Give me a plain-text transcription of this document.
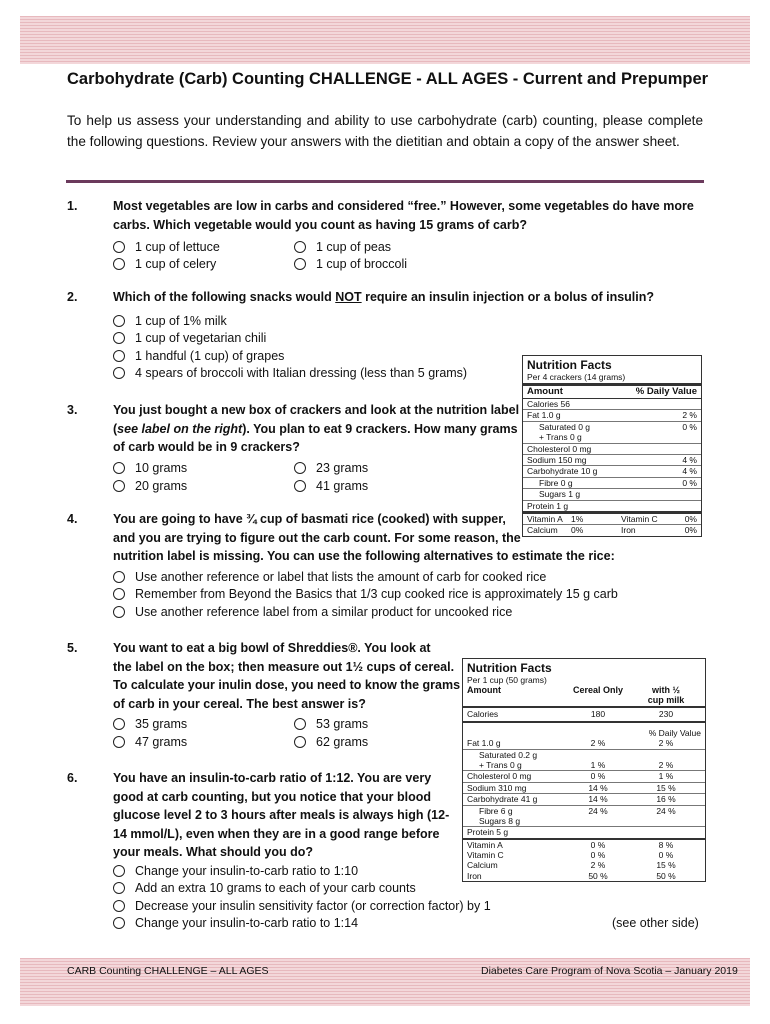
Carbohydrate (Carb) Counting CHALLENGE - ALL AGES - Current and Prepumper
To help us assess your understanding and ability to use carbohydrate (carb) counting, please complete the following questions. Review your answers with the dietitian and obtain a copy of the answer sheet.
1.	Most vegetables are low in carbs and considered “free.” However, some vegetables do have more
carbs. Which vegetable would you count as having 15 grams of carb?
1 cup of lettuce	1 cup of peas
1 cup of celery	1 cup of broccoli
2.	Which of the following snacks would NOT require an insulin injection or a bolus of insulin?
1 cup of 1% milk
1 cup of vegetarian chili
1 handful (1 cup) of grapes
4 spears of broccoli with Italian dressing (less than 5 grams)
3.	You just bought a new box of crackers and look at the nutrition label
(see label on the right). You plan to eat 9 crackers. How many grams
of carb would be in 9 crackers?
10 grams	23 grams
20 grams	41 grams
4.	You are going to have ¾ cup of basmati rice (cooked) with supper,
and you are trying to figure out the carb count. For some reason, the
nutrition label is missing. You can use the following alternatives to estimate the rice:
Use another reference or label that lists the amount of carb for cooked rice
Remember from Beyond the Basics that 1/3 cup cooked rice is approximately 15 g carb
Use another reference label from a similar product for uncooked rice
5.	You want to eat a big bowl of Shreddies®. You look at
the label on the box; then measure out 1½ cups of cereal.
To calculate your inulin dose, you need to know the grams
of carb in your cereal. The best answer is?
35 grams	53 grams
47 grams	62 grams
6.	You have an insulin-to-carb ratio of 1:12. You are very
good at carb counting, but you notice that your blood
glucose level 2 to 3 hours after meals is always high (12-
14 mmol/L), even when they are in a good range before
your meals. What should you do?
Change your insulin-to-carb ratio to 1:10
Add an extra 10 grams to each of your carb counts
Decrease your insulin sensitivity factor (or correction factor) by 1
Change your insulin-to-carb ratio to 1:14	(see other side)
Nutrition Facts
Per 4 crackers (14 grams)
Amount	% Daily Value
Calories 56
Fat 1.0 g	2 %
Saturated 0 g	0 %
+ Trans 0 g
Cholesterol 0 mg
Sodium 150 mg	4 %
Carbohydrate 10 g	4 %
Fibre 0 g	0 %
Sugars 1 g
Protein 1 g
Vitamin A 1%	Vitamin C	0%
Calcium	0%	Iron	0%
Nutrition Facts
Per 1 cup (50 grams)
Amount	Cereal Only	with ½
cup milk
Calories	180	230
% Daily Value
Fat 1.0 g	2 %	2 %
Saturated 0.2 g
+ Trans 0 g	1 %	2 %
Cholesterol 0 mg	0 %	1 %
Sodium 310 mg	14 %	15 %
Carbohydrate 41 g	14 %	16 %
Fibre 6 g	24 %	24 %
Sugars 8 g
Protein 5 g
Vitamin A	0 %	8 %
Vitamin C	0 %	0 %
Calcium	2 %	15 %
Iron	50 %	50 %
CARB Counting CHALLENGE – ALL AGES	Diabetes Care Program of Nova Scotia – January 2019
